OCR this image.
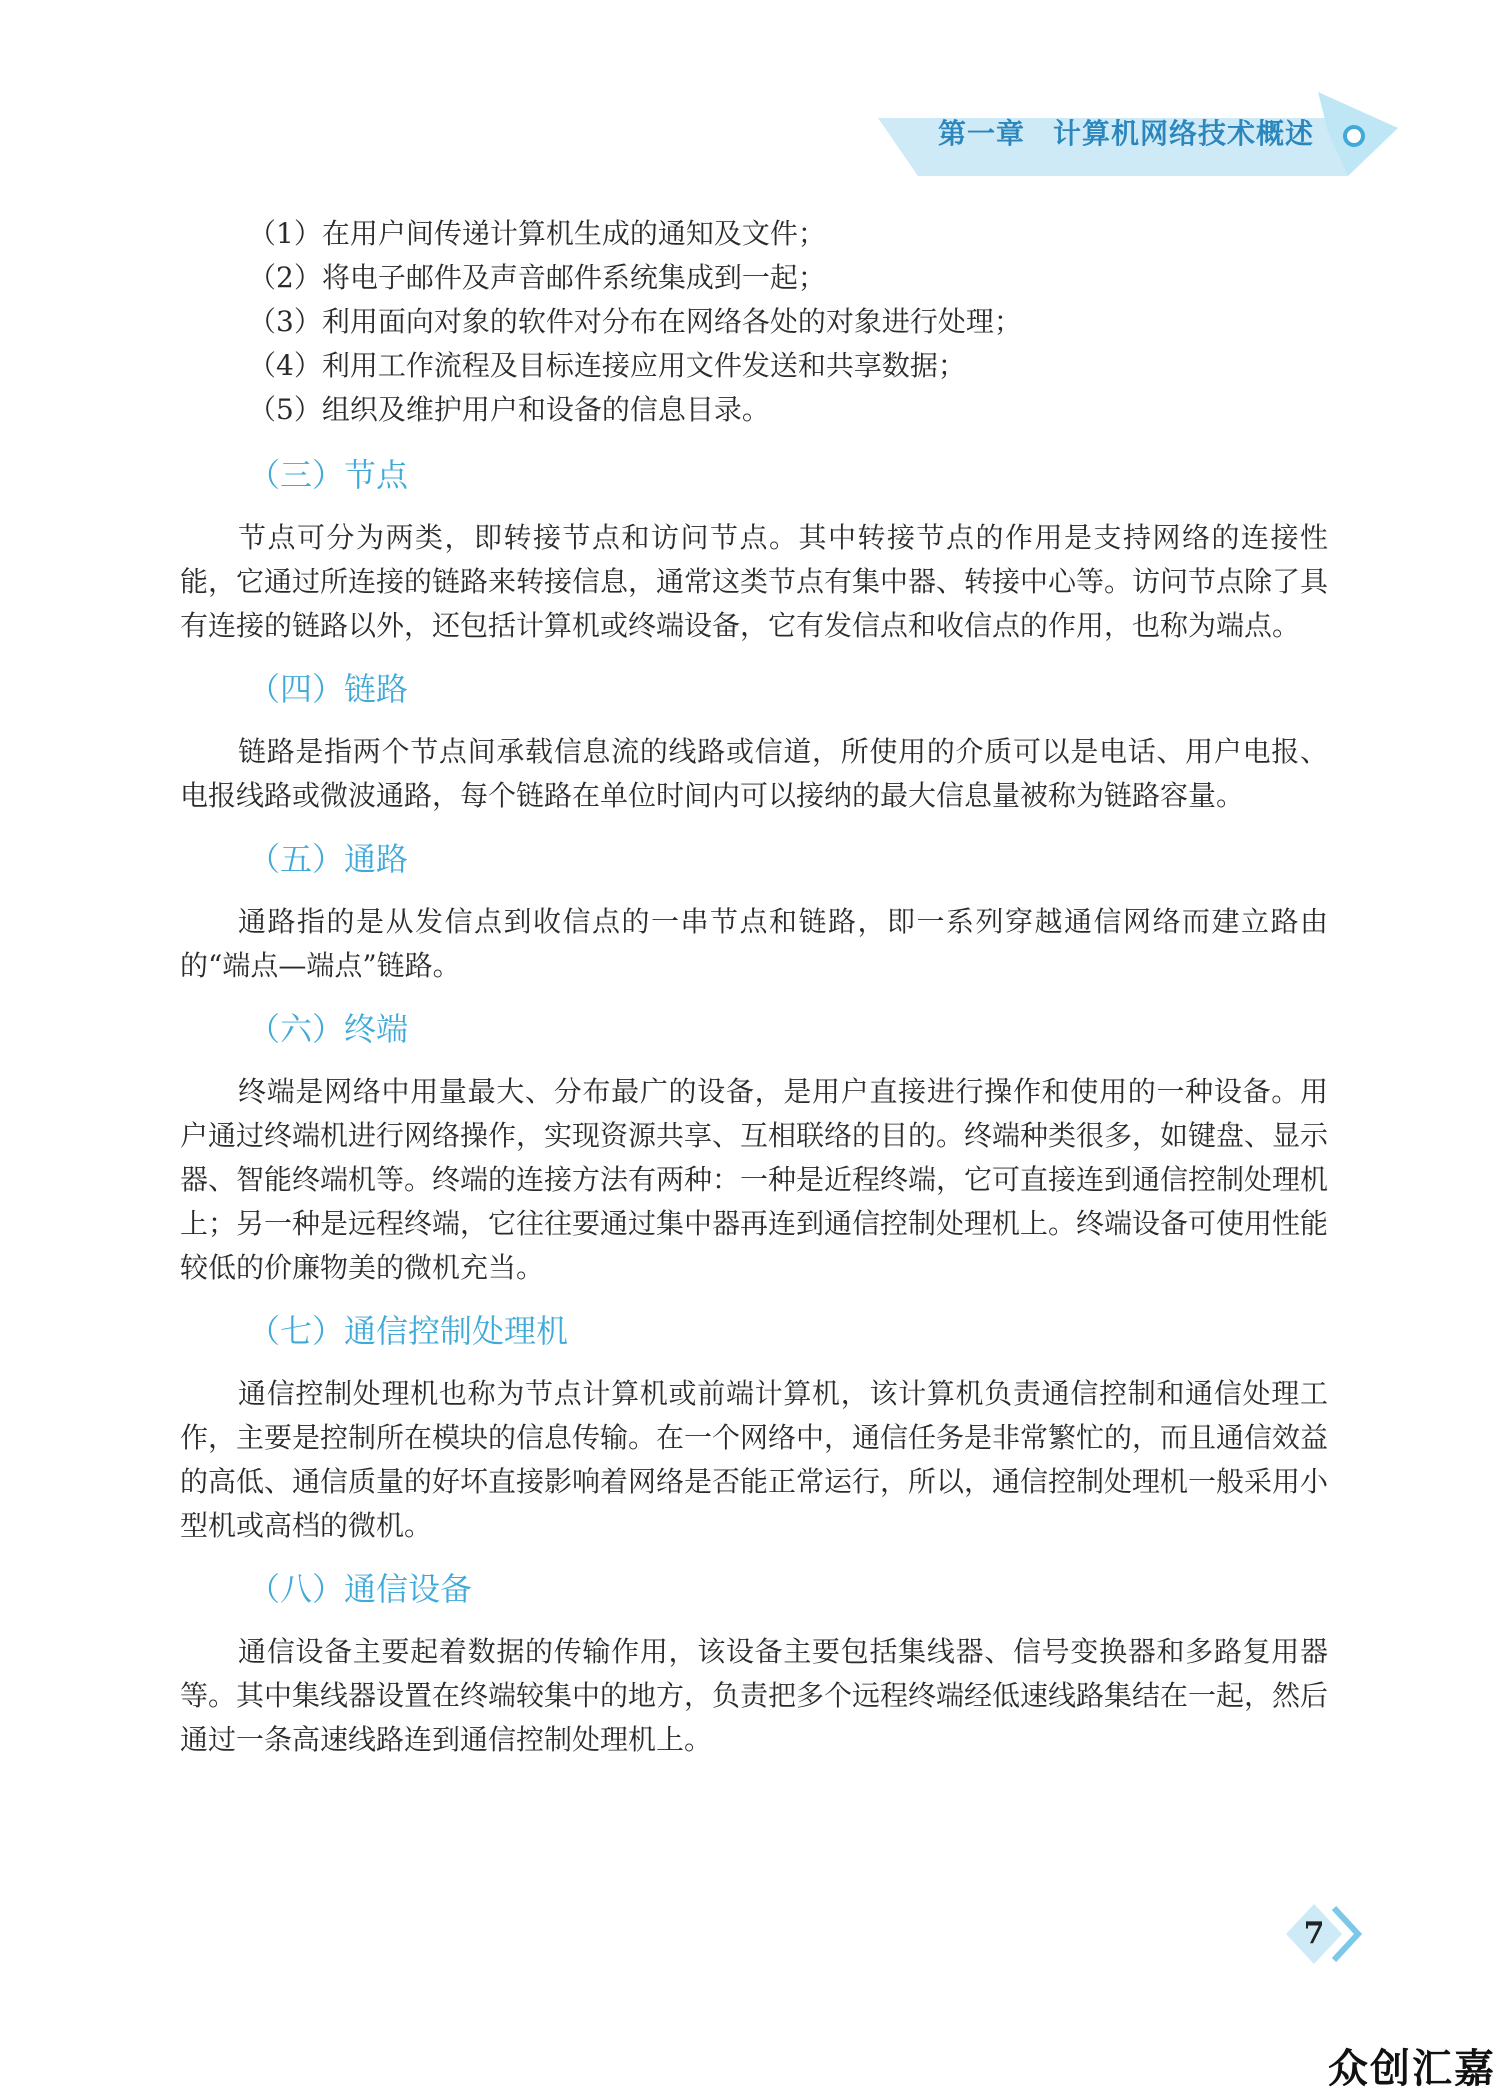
第一章 计算机网络技术概述
（1）在用户间传递计算机生成的通知及文件；
（2）将电子邮件及声音邮件系统集成到一起；
（3）利用面向对象的软件对分布在网络各处的对象进行处理；
（4）利用工作流程及目标连接应用文件发送和共享数据；
（5）组织及维护用户和设备的信息目录。
（三）节点

节点可分为两类，即转接节点和访问节点。其中转接节点的作用是支持网络的连接性能，它通过所连接的链路来转接信息，通常这类节点有集中器、转接中心等。访问节点除了具有连接的链路以外，还包括计算机或终端设备，它有发信点和收信点的作用，也称为端点。

（四）链路

链路是指两个节点间承载信息流的线路或信道，所使用的介质可以是电话、用户电报、电报线路或微波通路，每个链路在单位时间内可以接纳的最大信息量被称为链路容量。

（五）通路

通路指的是从发信点到收信点的一串节点和链路，即一系列穿越通信网络而建立路由的“端点—端点”链路。

（六）终端

终端是网络中用量最大、分布最广的设备，是用户直接进行操作和使用的一种设备。用户通过终端机进行网络操作，实现资源共享、互相联络的目的。终端种类很多，如键盘、显示器、智能终端机等。终端的连接方法有两种：一种是近程终端，它可直接连到通信控制处理机上；另一种是远程终端，它往往要通过集中器再连到通信控制处理机上。终端设备可使用性能较低的价廉物美的微机充当。

（七）通信控制处理机

通信控制处理机也称为节点计算机或前端计算机，该计算机负责通信控制和通信处理工作，主要是控制所在模块的信息传输。在一个网络中，通信任务是非常繁忙的，而且通信效益的高低、通信质量的好坏直接影响着网络是否能正常运行，所以，通信控制处理机一般采用小型机或高档的微机。

（八）通信设备

通信设备主要起着数据的传输作用，该设备主要包括集线器、信号变换器和多路复用器等。其中集线器设置在终端较集中的地方，负责把多个远程终端经低速线路集结在一起，然后通过一条高速线路连到通信控制处理机上。

7
众创汇嘉
